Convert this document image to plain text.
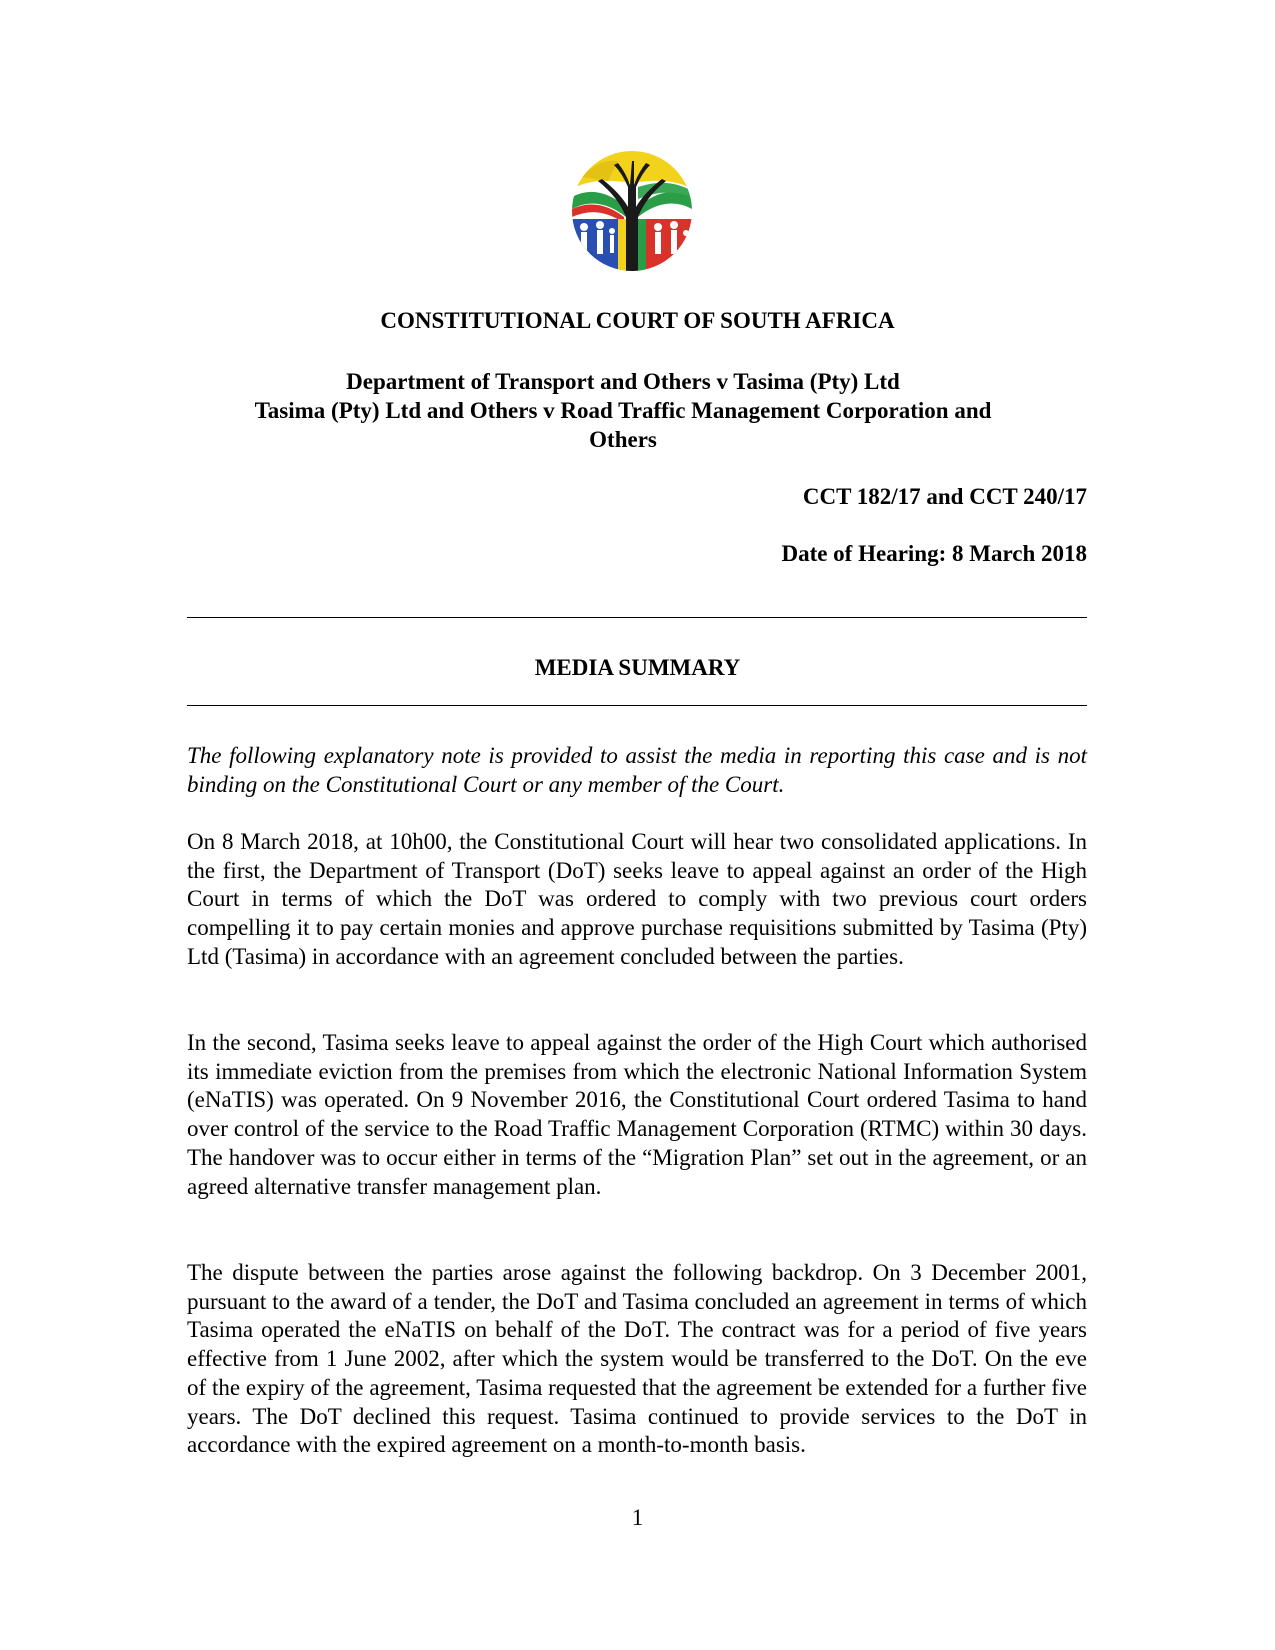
CONSTITUTIONAL COURT OF SOUTH AFRICA
Department of Transport and Others v Tasima (Pty) Ltd
Tasima (Pty) Ltd and Others v Road Traffic Management Corporation and
Others
CCT 182/17 and CCT 240/17
Date of Hearing: 8 March 2018
MEDIA SUMMARY

The following explanatory note is provided to assist the media in reporting this case and is not binding on the Constitutional Court or any member of the Court.

On 8 March 2018, at 10h00, the Constitutional Court will hear two consolidated applications. In the first, the Department of Transport (DoT) seeks leave to appeal against an order of the High Court in terms of which the DoT was ordered to comply with two previous court orders compelling it to pay certain monies and approve purchase requisitions submitted by Tasima (Pty) Ltd (Tasima) in accordance with an agreement concluded between the parties.

In the second, Tasima seeks leave to appeal against the order of the High Court which authorised its immediate eviction from the premises from which the electronic National Information System (eNaTIS) was operated. On 9 November 2016, the Constitutional Court ordered Tasima to hand over control of the service to the Road Traffic Management Corporation (RTMC) within 30 days. The handover was to occur either in terms of the “Migration Plan” set out in the agreement, or an agreed alternative transfer management plan.

The dispute between the parties arose against the following backdrop. On 3 December 2001, pursuant to the award of a tender, the DoT and Tasima concluded an agreement in terms of which Tasima operated the eNaTIS on behalf of the DoT. The contract was for a period of five years effective from 1 June 2002, after which the system would be transferred to the DoT. On the eve of the expiry of the agreement, Tasima requested that the agreement be extended for a further five years. The DoT declined this request. Tasima continued to provide services to the DoT in accordance with the expired agreement on a month-to-month basis.

1
